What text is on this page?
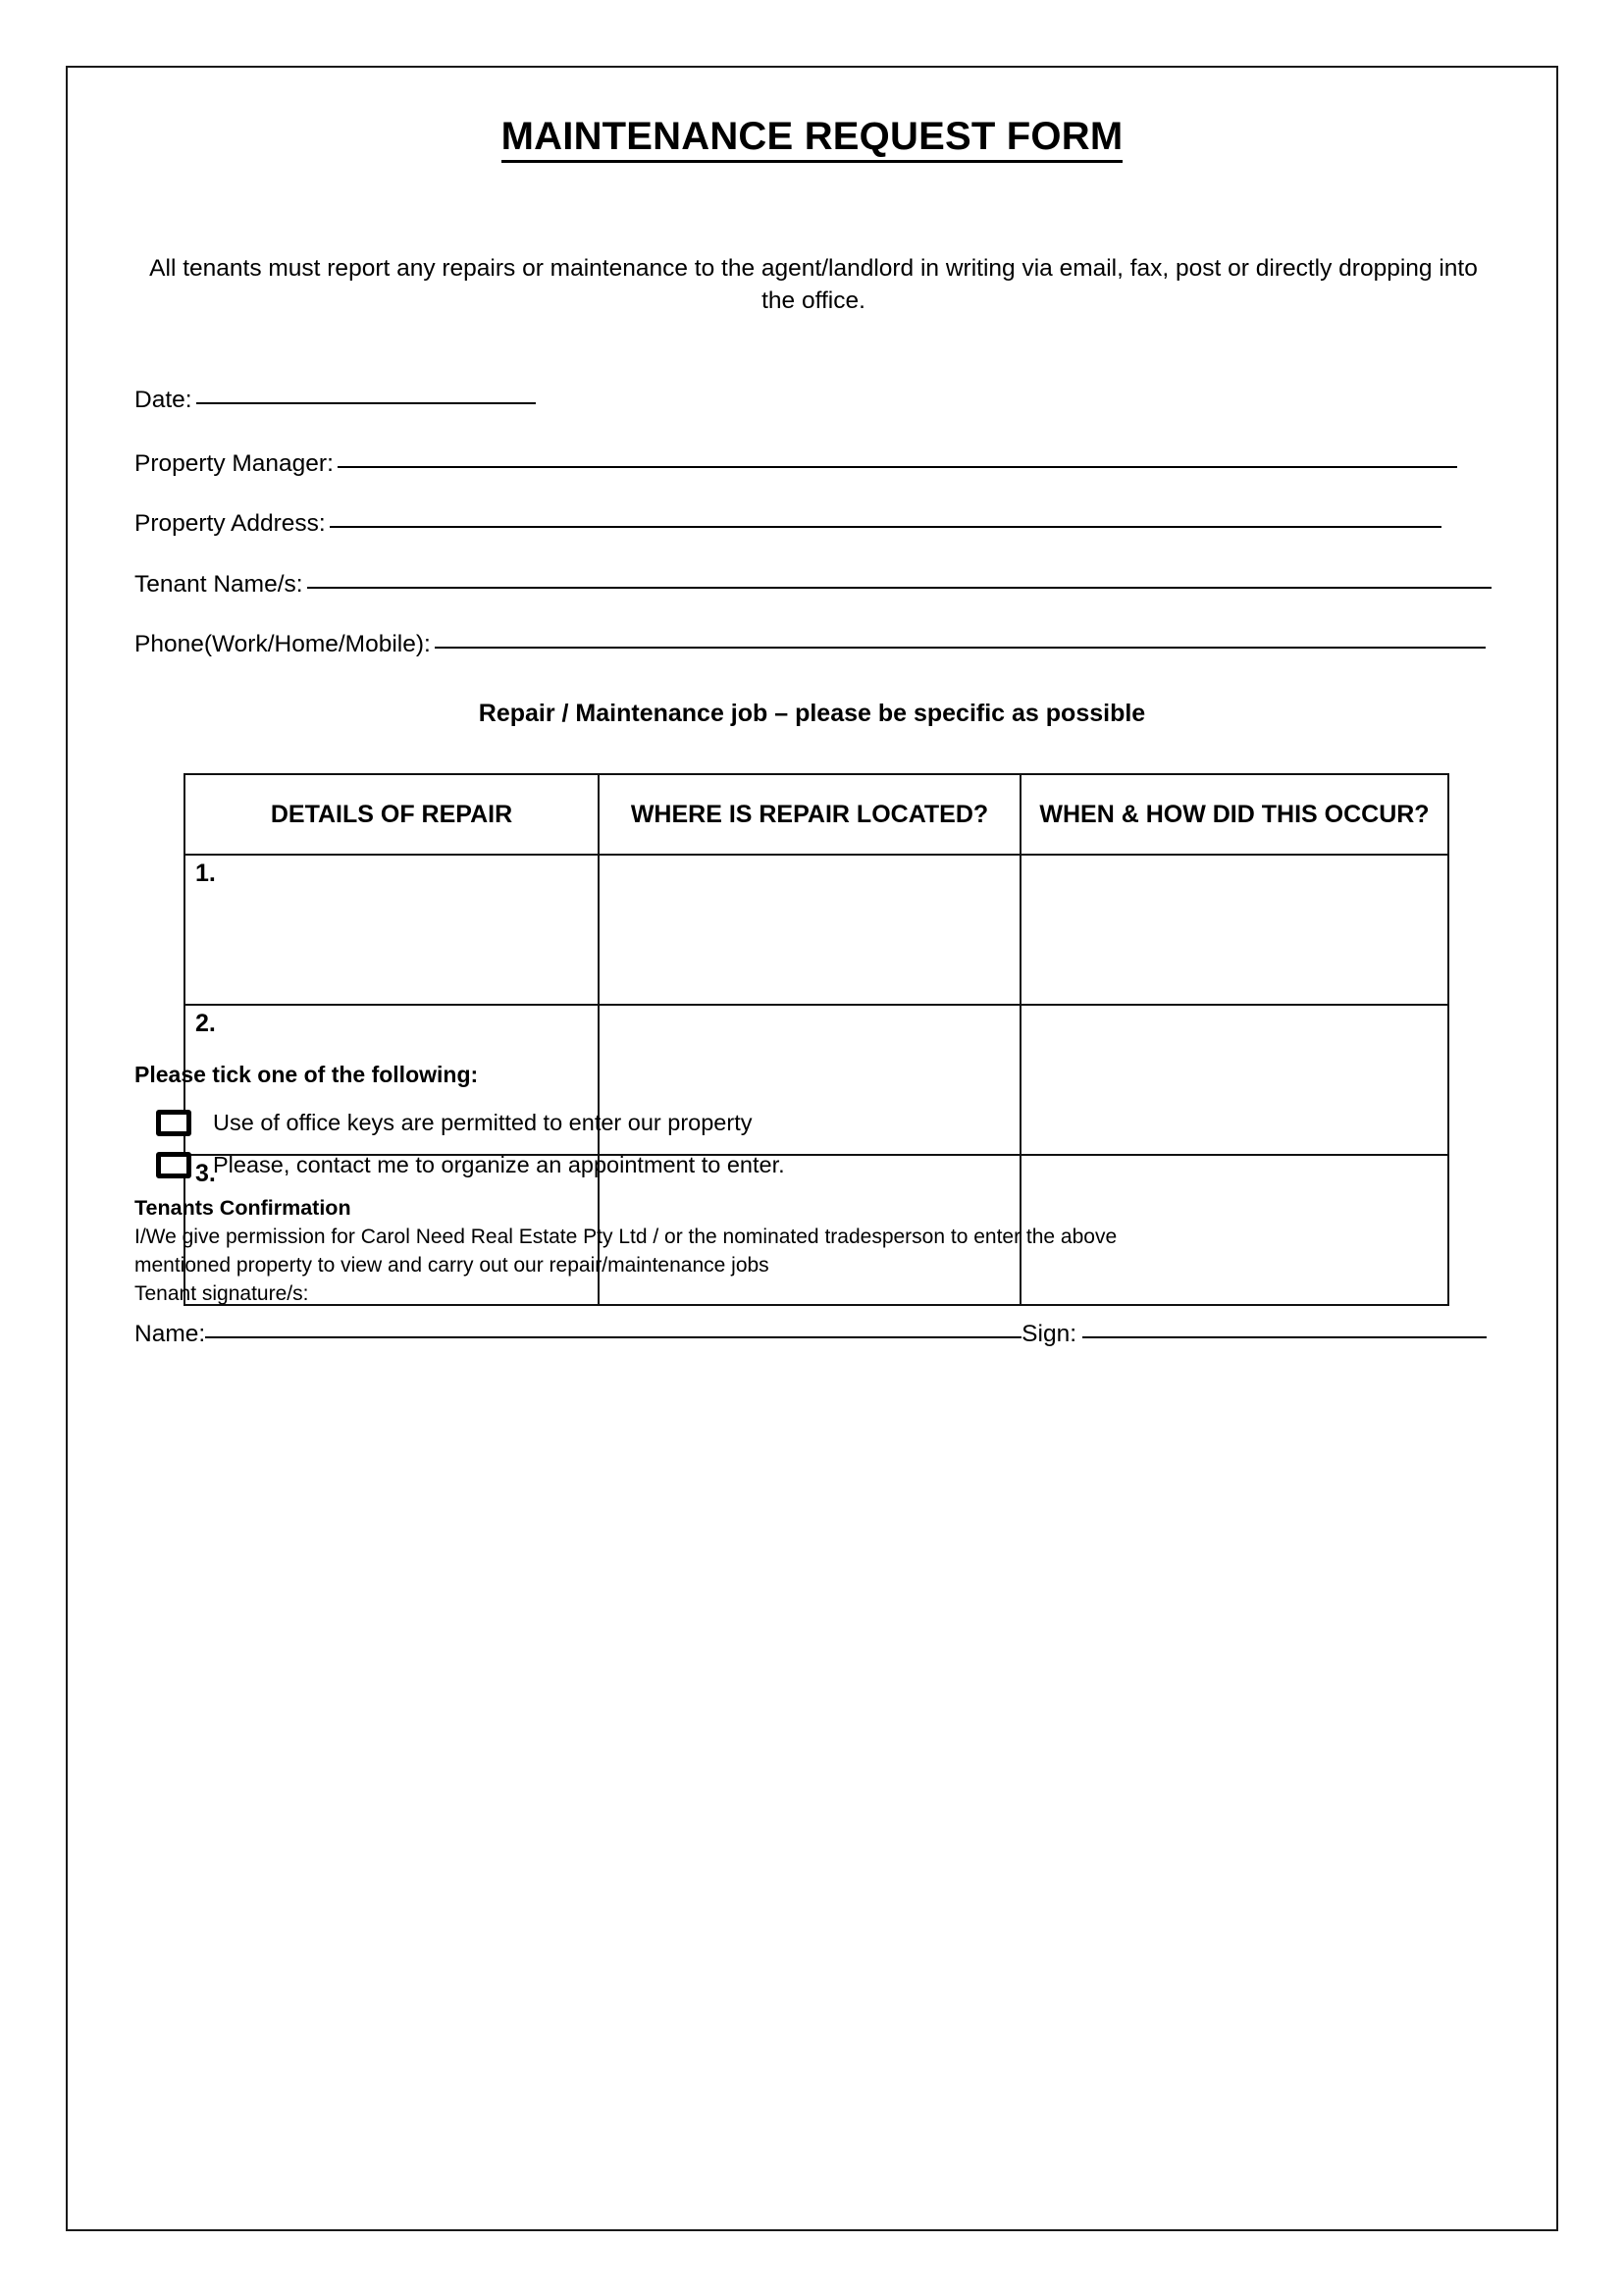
MAINTENANCE REQUEST FORM
All tenants must report any repairs or maintenance to the agent/landlord in writing via email, fax, post or directly dropping into the office.
Date:
Property Manager:
Property Address:
Tenant Name/s:
Phone(Work/Home/Mobile):
Repair / Maintenance job – please be specific as possible
DETAILS OF REPAIR	WHERE IS REPAIR LOCATED?	WHEN & HOW DID THIS OCCUR?
1.		
2.		
3.		
Please tick one of the following:
Use of office keys are permitted to enter our property
Please, contact me to organize an appointment to enter.
Tenants Confirmation
I/We give permission for Carol Need Real Estate Pty Ltd / or the nominated tradesperson to enter the above
mentioned property to view and carry out our repair/maintenance jobs
Tenant signature/s:
Name:	Sign:
